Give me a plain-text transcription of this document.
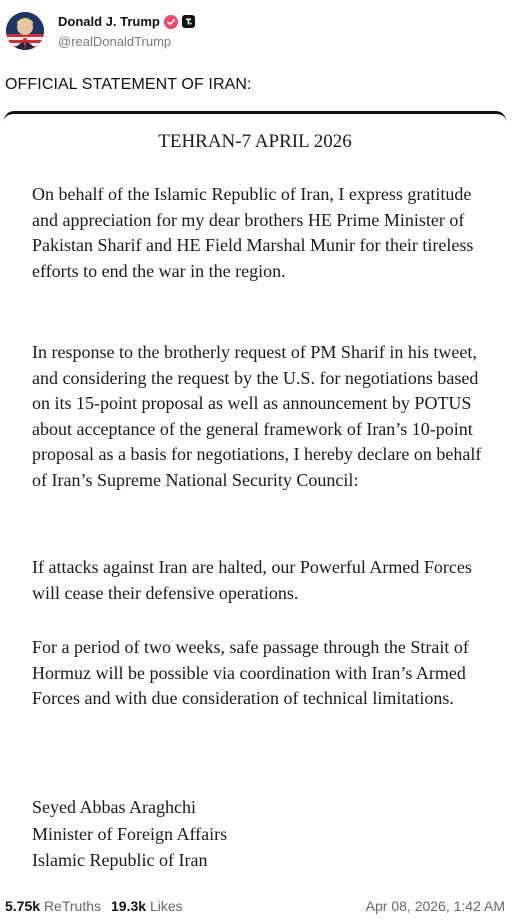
Donald J. Trump
@realDonaldTrump
OFFICIAL STATEMENT OF IRAN:
TEHRAN-7 APRIL 2026
On behalf of the Islamic Republic of Iran, I express gratitude and appreciation for my dear brothers HE Prime Minister of Pakistan Sharif and HE Field Marshal Munir for their tireless efforts to end the war in the region.
In response to the brotherly request of PM Sharif in his tweet, and considering the request by the U.S. for negotiations based on its 15-point proposal as well as announcement by POTUS about acceptance of the general framework of Iran’s 10-point proposal as a basis for negotiations, I hereby declare on behalf of Iran’s Supreme National Security Council:
If attacks against Iran are halted, our Powerful Armed Forces will cease their defensive operations.
For a period of two weeks, safe passage through the Strait of Hormuz will be possible via coordination with Iran’s Armed Forces and with due consideration of technical limitations.
Seyed Abbas Araghchi
Minister of Foreign Affairs
Islamic Republic of Iran
5.75k ReTruths 19.3k Likes	Apr 08, 2026, 1:42 AM
